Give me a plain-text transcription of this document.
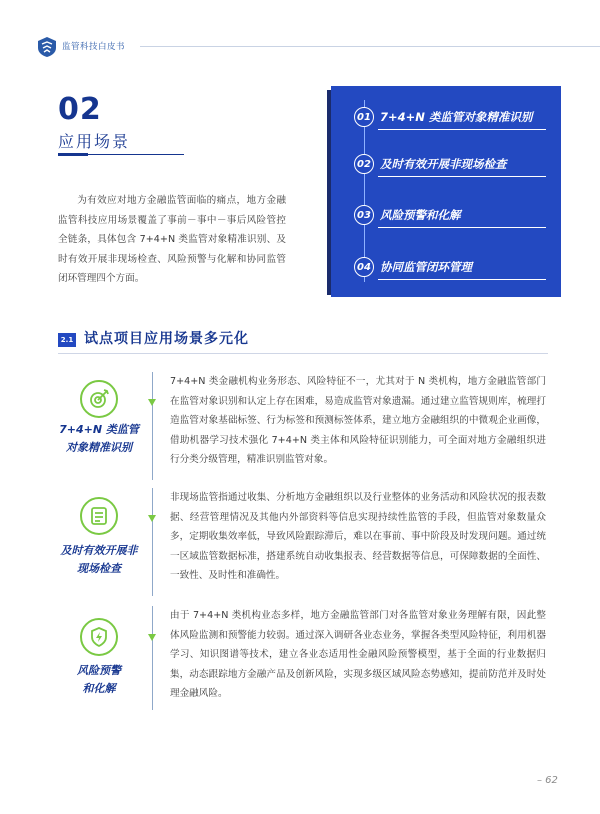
监管科技白皮书
02
应用场景
为有效应对地方金融监管面临的痛点，地方金融监管科技应用场景覆盖了事前－事中－事后风险管控全链条，具体包含 7+4+N 类监管对象精准识别、及时有效开展非现场检查、风险预警与化解和协同监管闭环管理四个方面。
01 7+4+N 类监管对象精准识别
02 及时有效开展非现场检查
03 风险预警和化解
04 协同监管闭环管理
2.1 试点项目应用场景多元化
7+4+N 类监管
对象精准识别
7+4+N 类金融机构业务形态、风险特征不一，尤其对于 N 类机构，地方金融监管部门在监管对象识别和认定上存在困难，易造成监管对象遗漏。通过建立监管规则库，梳理打造监管对象基础标签、行为标签和预测标签体系，建立地方金融组织的中微观企业画像，借助机器学习技术强化 7+4+N 类主体和风险特征识别能力，可全面对地方金融组织进行分类分级管理，精准识别监管对象。
及时有效开展非
现场检查
非现场监管指通过收集、分析地方金融组织以及行业整体的业务活动和风险状况的报表数据、经营管理情况及其他内外部资料等信息实现持续性监管的手段，但监管对象数量众多，定期收集效率低，导致风险跟踪滞后，难以在事前、事中阶段及时发现问题。通过统一区域监管数据标准，搭建系统自动收集报表、经营数据等信息，可保障数据的全面性、一致性、及时性和准确性。
风险预警
和化解
由于 7+4+N 类机构业态多样，地方金融监管部门对各监管对象业务理解有限，因此整体风险监测和预警能力较弱。通过深入调研各业态业务，掌握各类型风险特征，利用机器学习、知识图谱等技术，建立各业态适用性金融风险预警模型，基于全面的行业数据归集，动态跟踪地方金融产品及创新风险，实现多级区域风险态势感知，提前防范并及时处理金融风险。
– 62
